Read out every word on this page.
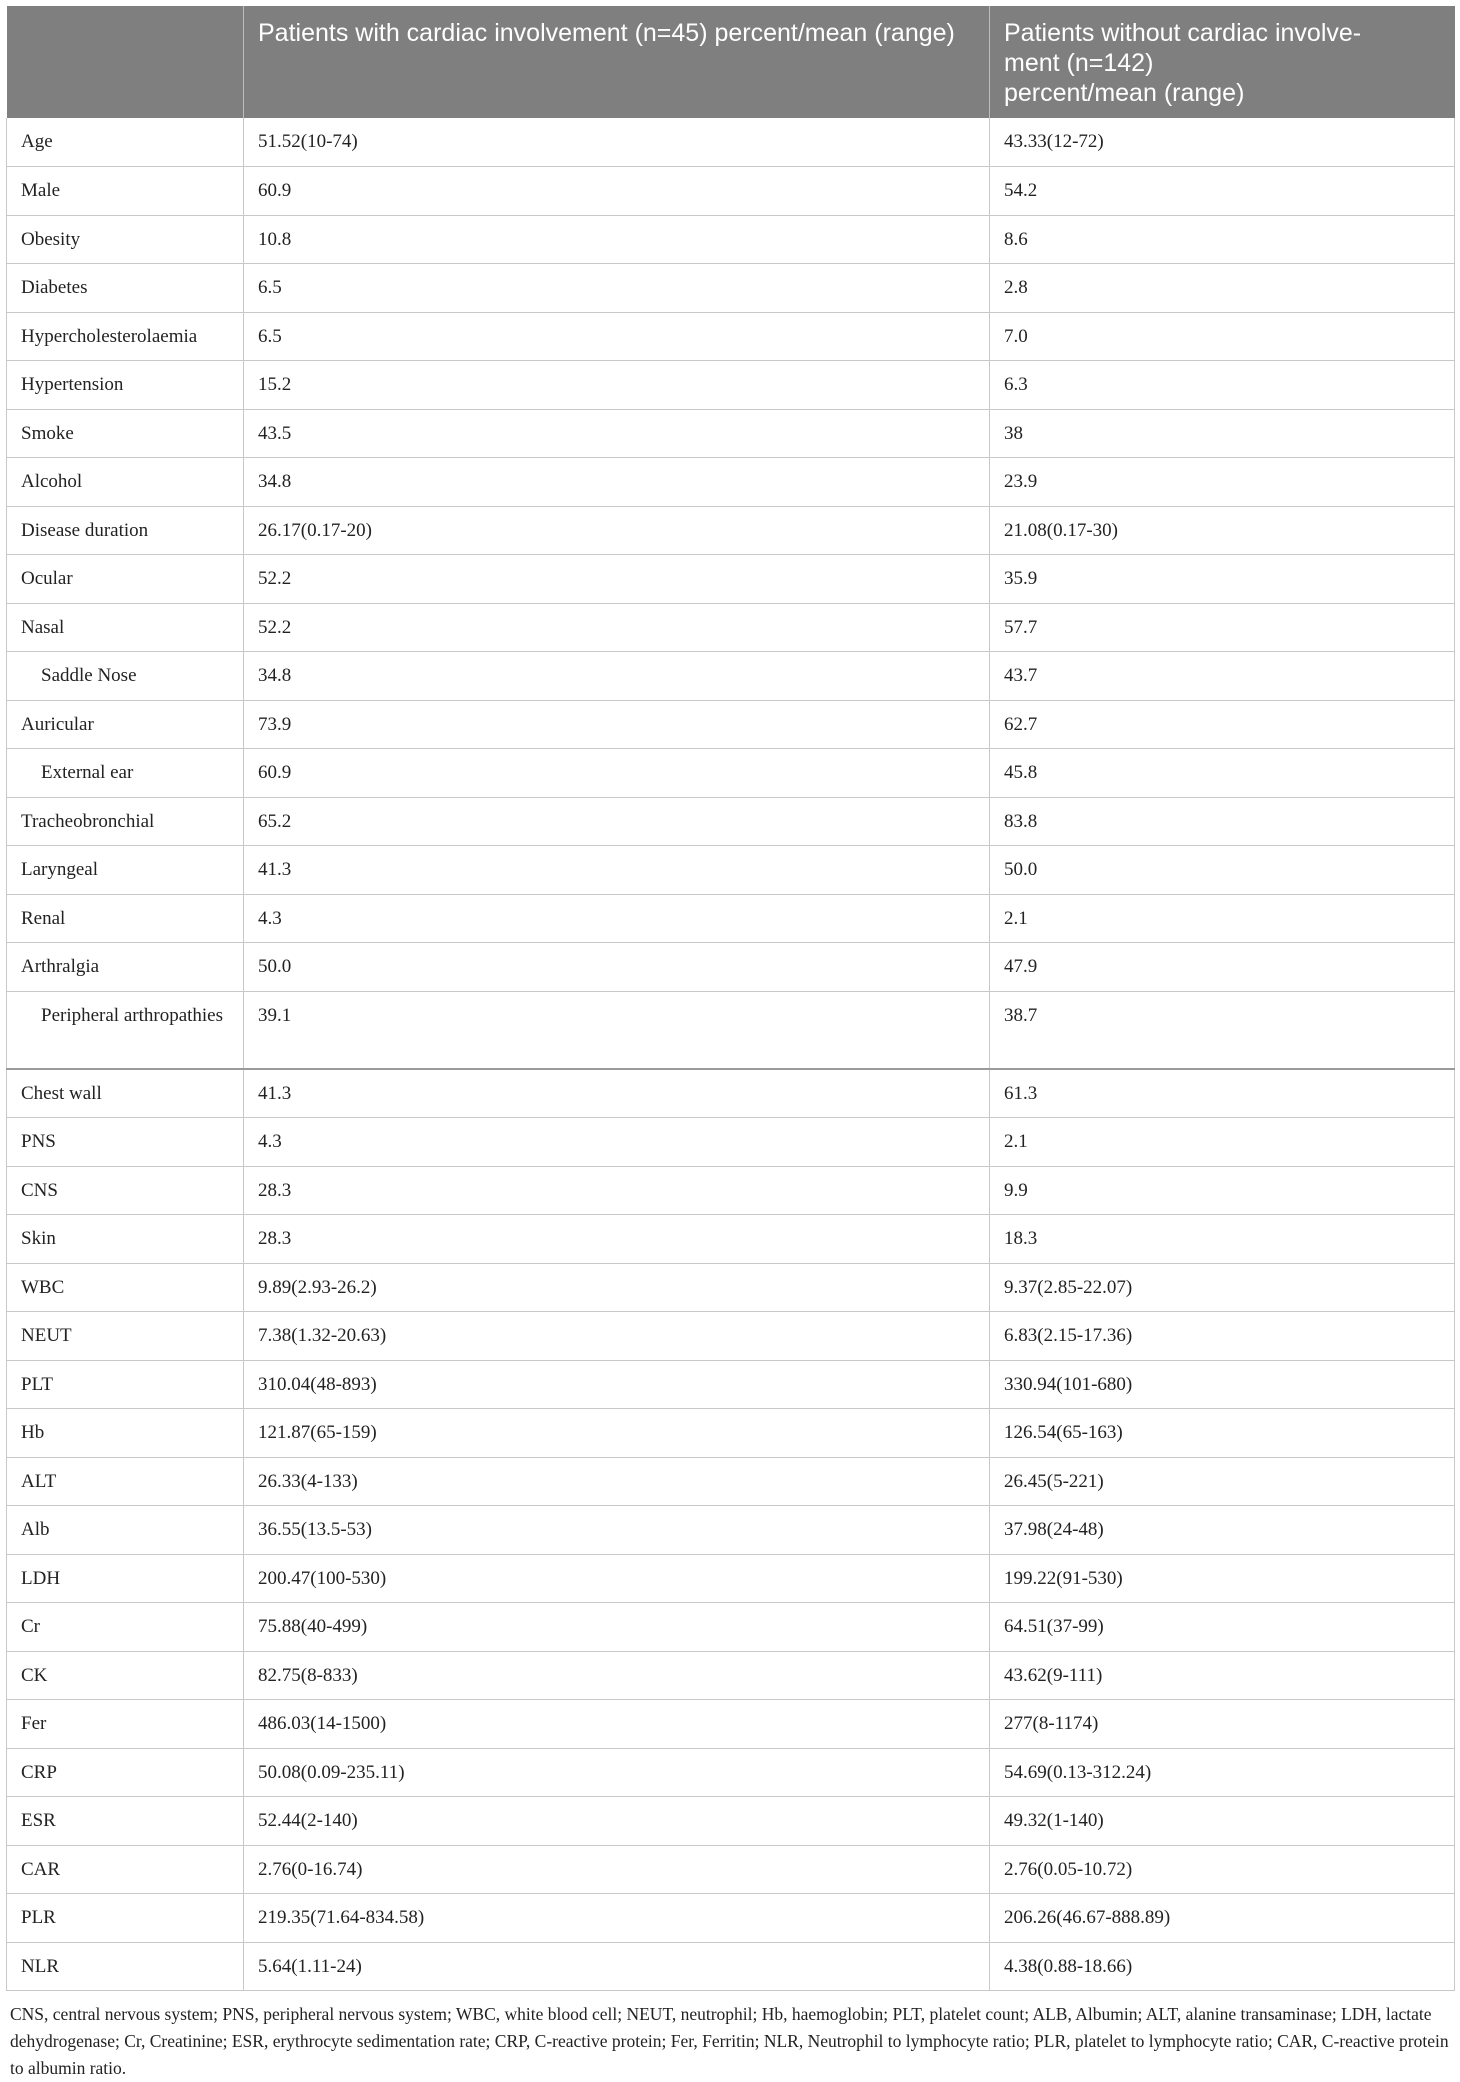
	Patients with cardiac involvement (n=45) percent/mean (range)	Patients without cardiac involve-
ment (n=142)
percent/mean (range)
Age	51.52(10-74)	43.33(12-72)
Male	60.9	54.2
Obesity	10.8	8.6
Diabetes	6.5	2.8
Hypercholesterolaemia	6.5	7.0
Hypertension	15.2	6.3
Smoke	43.5	38
Alcohol	34.8	23.9
Disease duration	26.17(0.17-20)	21.08(0.17-30)
Ocular	52.2	35.9
Nasal	52.2	57.7
Saddle Nose	34.8	43.7
Auricular	73.9	62.7
External ear	60.9	45.8
Tracheobronchial	65.2	83.8
Laryngeal	41.3	50.0
Renal	4.3	2.1
Arthralgia	50.0	47.9
Peripheral arthropathies	39.1	38.7
Chest wall	41.3	61.3
PNS	4.3	2.1
CNS	28.3	9.9
Skin	28.3	18.3
WBC	9.89(2.93-26.2)	9.37(2.85-22.07)
NEUT	7.38(1.32-20.63)	6.83(2.15-17.36)
PLT	310.04(48-893)	330.94(101-680)
Hb	121.87(65-159)	126.54(65-163)
ALT	26.33(4-133)	26.45(5-221)
Alb	36.55(13.5-53)	37.98(24-48)
LDH	200.47(100-530)	199.22(91-530)
Cr	75.88(40-499)	64.51(37-99)
CK	82.75(8-833)	43.62(9-111)
Fer	486.03(14-1500)	277(8-1174)
CRP	50.08(0.09-235.11)	54.69(0.13-312.24)
ESR	52.44(2-140)	49.32(1-140)
CAR	2.76(0-16.74)	2.76(0.05-10.72)
PLR	219.35(71.64-834.58)	206.26(46.67-888.89)
NLR	5.64(1.11-24)	4.38(0.88-18.66)
CNS, central nervous system; PNS, peripheral nervous system; WBC, white blood cell; NEUT, neutrophil; Hb, haemoglobin; PLT, platelet count; ALB, Albumin; ALT, alanine transaminase; LDH, lactate dehydrogenase; Cr, Creatinine; ESR, erythrocyte sedimentation rate; CRP, C-reactive protein; Fer, Ferritin; NLR, Neutrophil to lymphocyte ratio; PLR, platelet to lymphocyte ratio; CAR, C-reactive protein to albumin ratio.
